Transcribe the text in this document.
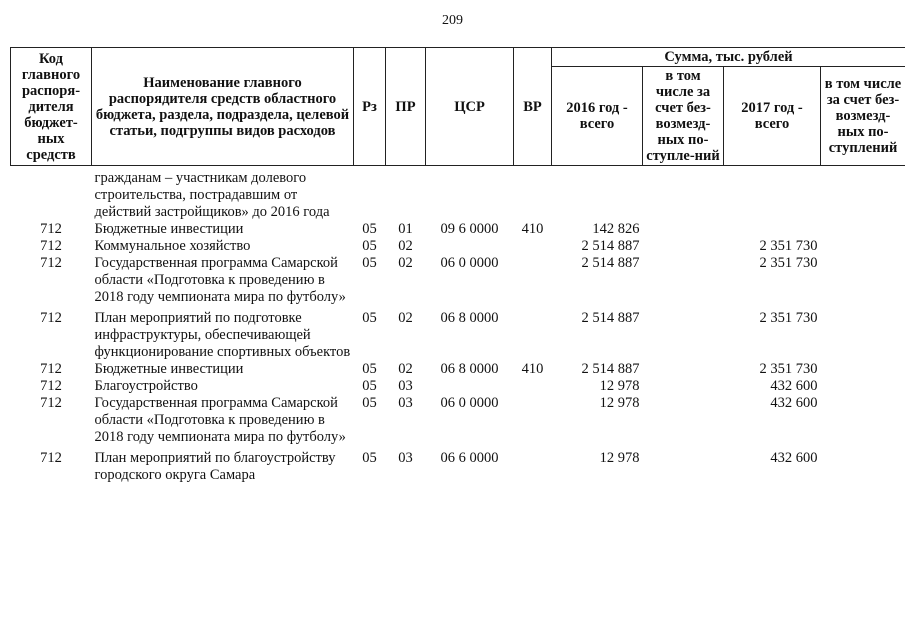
209
Код главного распоря-дителя бюджет-ных средств	Наименование главного распорядителя средств областного бюджета, раздела, подраздела, целевой статьи, подгруппы видов расходов	Рз	ПР	ЦСР	ВР	Сумма, тыс. рублей			
						2016 год - всего	в том числе за счет без-возмезд-ных по-ступле-ний	2017 год - всего	в том числе за счет без-возмезд-ных по-ступлений

	гражданам – участникам долевого строительства, пострадавшим от действий застройщиков» до 2016 года								
712	Бюджетные инвестиции	05	01	09 6 0000	410	142 826			
712	Коммунальное хозяйство	05	02			2 514 887		2 351 730	
712	Государственная программа Самарской области «Подготовка к проведению в 2018 году чемпионата мира по футболу»	05	02	06 0 0000		2 514 887		2 351 730	

712	План мероприятий по подготовке инфраструктуры, обеспечивающей функционирование спортивных объектов	05	02	06 8 0000		2 514 887		2 351 730	
712	Бюджетные инвестиции	05	02	06 8 0000	410	2 514 887		2 351 730	
712	Благоустройство	05	03			12 978		432 600	
712	Государственная программа Самарской области «Подготовка к проведению в 2018 году чемпионата мира по футболу»	05	03	06 0 0000		12 978		432 600	

712	План мероприятий по благоустройству городского округа Самара	05	03	06 6 0000		12 978		432 600	
